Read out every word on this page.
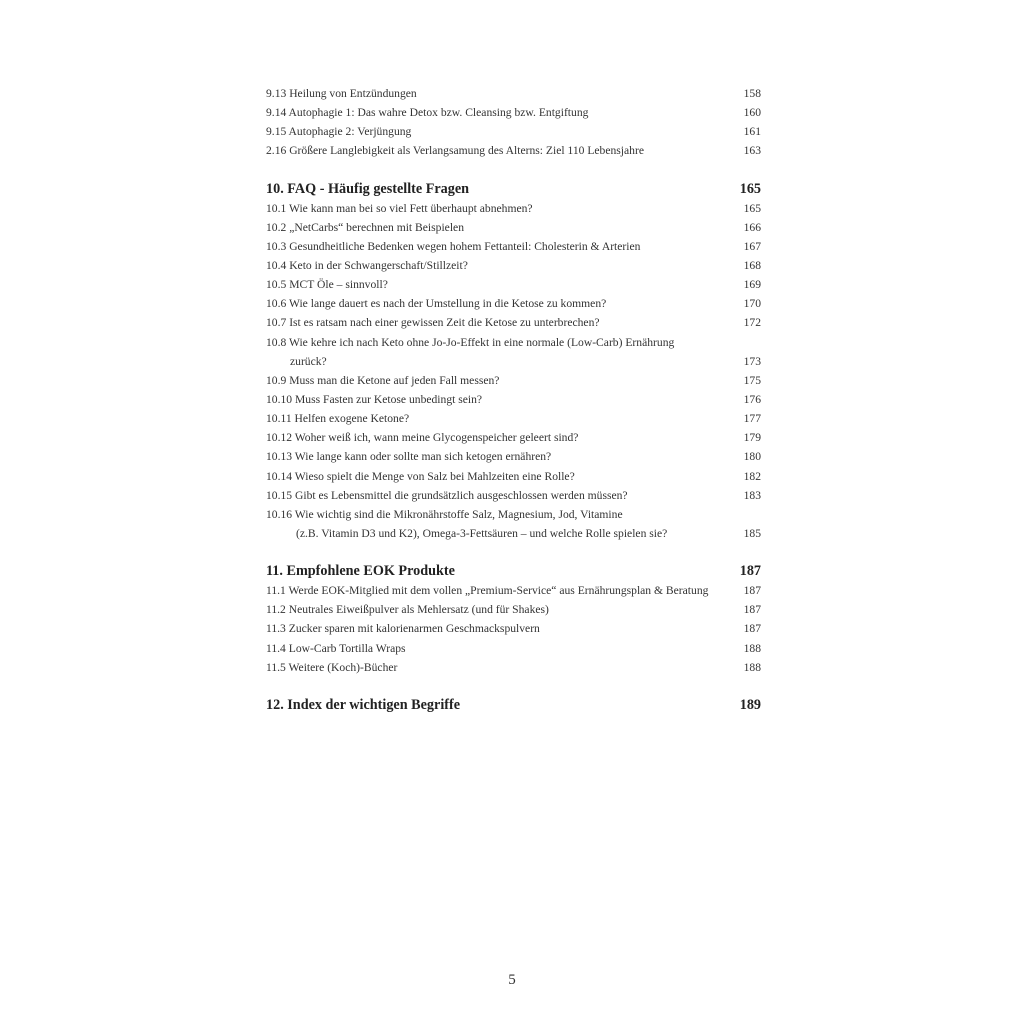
9.13 Heilung von Entzündungen	158
9.14 Autophagie 1: Das wahre Detox bzw. Cleansing bzw. Entgiftung	160
9.15 Autophagie 2: Verjüngung	161
2.16 Größere Langlebigkeit als Verlangsamung des Alterns: Ziel 110 Lebensjahre	163
10. FAQ - Häufig gestellte Fragen	165
10.1 Wie kann man bei so viel Fett überhaupt abnehmen?	165
10.2 „NetCarbs“ berechnen mit Beispielen	166
10.3 Gesundheitliche Bedenken wegen hohem Fettanteil: Cholesterin & Arterien	167
10.4 Keto in der Schwangerschaft/Stillzeit?	168
10.5 MCT Öle – sinnvoll?	169
10.6 Wie lange dauert es nach der Umstellung in die Ketose zu kommen?	170
10.7 Ist es ratsam nach einer gewissen Zeit die Ketose zu unterbrechen?	172
10.8 Wie kehre ich nach Keto ohne Jo-Jo-Effekt in eine normale (Low-Carb) Ernährung
zurück?	173
10.9 Muss man die Ketone auf jeden Fall messen?	175
10.10 Muss Fasten zur Ketose unbedingt sein?	176
10.11 Helfen exogene Ketone?	177
10.12 Woher weiß ich, wann meine Glycogenspeicher geleert sind?	179
10.13 Wie lange kann oder sollte man sich ketogen ernähren?	180
10.14 Wieso spielt die Menge von Salz bei Mahlzeiten eine Rolle?	182
10.15 Gibt es Lebensmittel die grundsätzlich ausgeschlossen werden müssen?	183
10.16 Wie wichtig sind die Mikronährstoffe Salz, Magnesium, Jod, Vitamine
(z.B. Vitamin D3 und K2), Omega-3-Fettsäuren – und welche Rolle spielen sie?	185
11. Empfohlene EOK Produkte	187
11.1 Werde EOK-Mitglied mit dem vollen „Premium-Service“ aus Ernährungsplan & Beratung	187
11.2 Neutrales Eiweißpulver als Mehlersatz (und für Shakes)	187
11.3 Zucker sparen mit kalorienarmen Geschmackspulvern	187
11.4 Low-Carb Tortilla Wraps	188
11.5 Weitere (Koch)-Bücher	188
12. Index der wichtigen Begriffe	189
5
